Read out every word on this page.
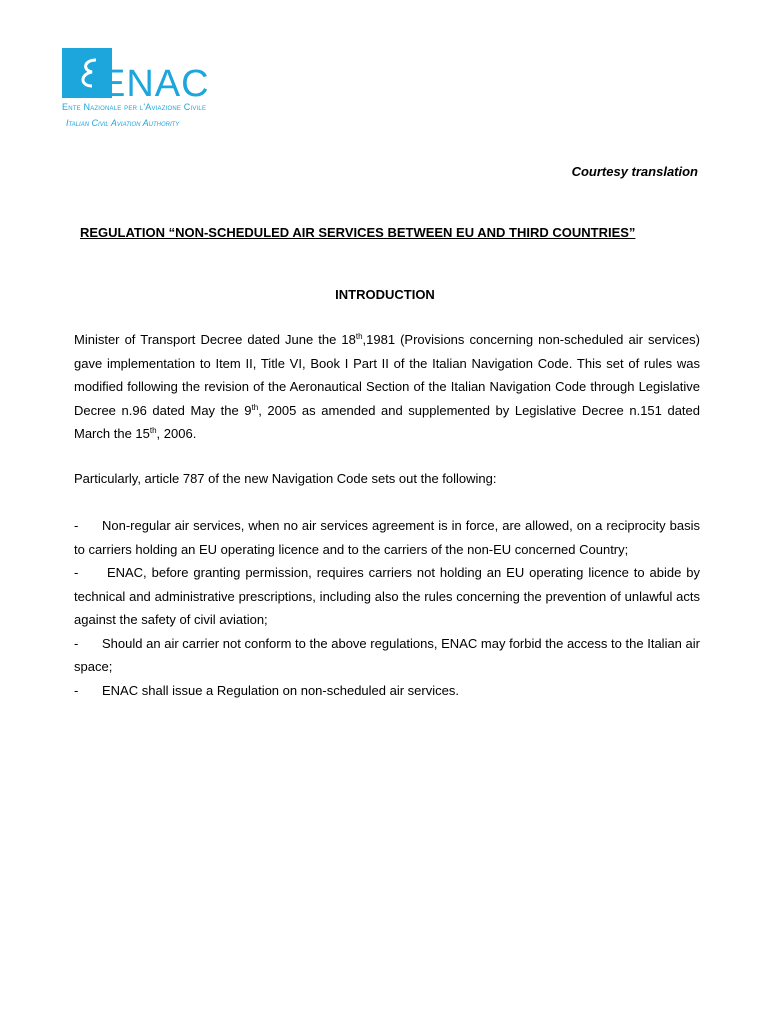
ENAC
Ente Nazionale per l'Aviazione Civile
Italian Civil Aviation Authority
Courtesy translation
REGULATION “NON-SCHEDULED AIR SERVICES BETWEEN EU AND THIRD COUNTRIES”
INTRODUCTION
Minister of Transport Decree dated June the 18th,1981 (Provisions concerning non-scheduled air services) gave implementation to Item II, Title VI, Book I Part II of the Italian Navigation Code. This set of rules was modified following the revision of the Aeronautical Section of the Italian Navigation Code through Legislative Decree n.96 dated May the 9th, 2005 as amended and supplemented by Legislative Decree n.151 dated March the 15th, 2006.
Particularly, article 787 of the new Navigation Code sets out the following:
- Non-regular air services, when no air services agreement is in force, are allowed, on a reciprocity basis to carriers holding an EU operating licence and to the carriers of the non-EU concerned Country;
- ENAC, before granting permission, requires carriers not holding an EU operating licence to abide by technical and administrative prescriptions, including also the rules concerning the prevention of unlawful acts against the safety of civil aviation;
- Should an air carrier not conform to the above regulations, ENAC may forbid the access to the Italian air space;
- ENAC shall issue a Regulation on non-scheduled air services.
